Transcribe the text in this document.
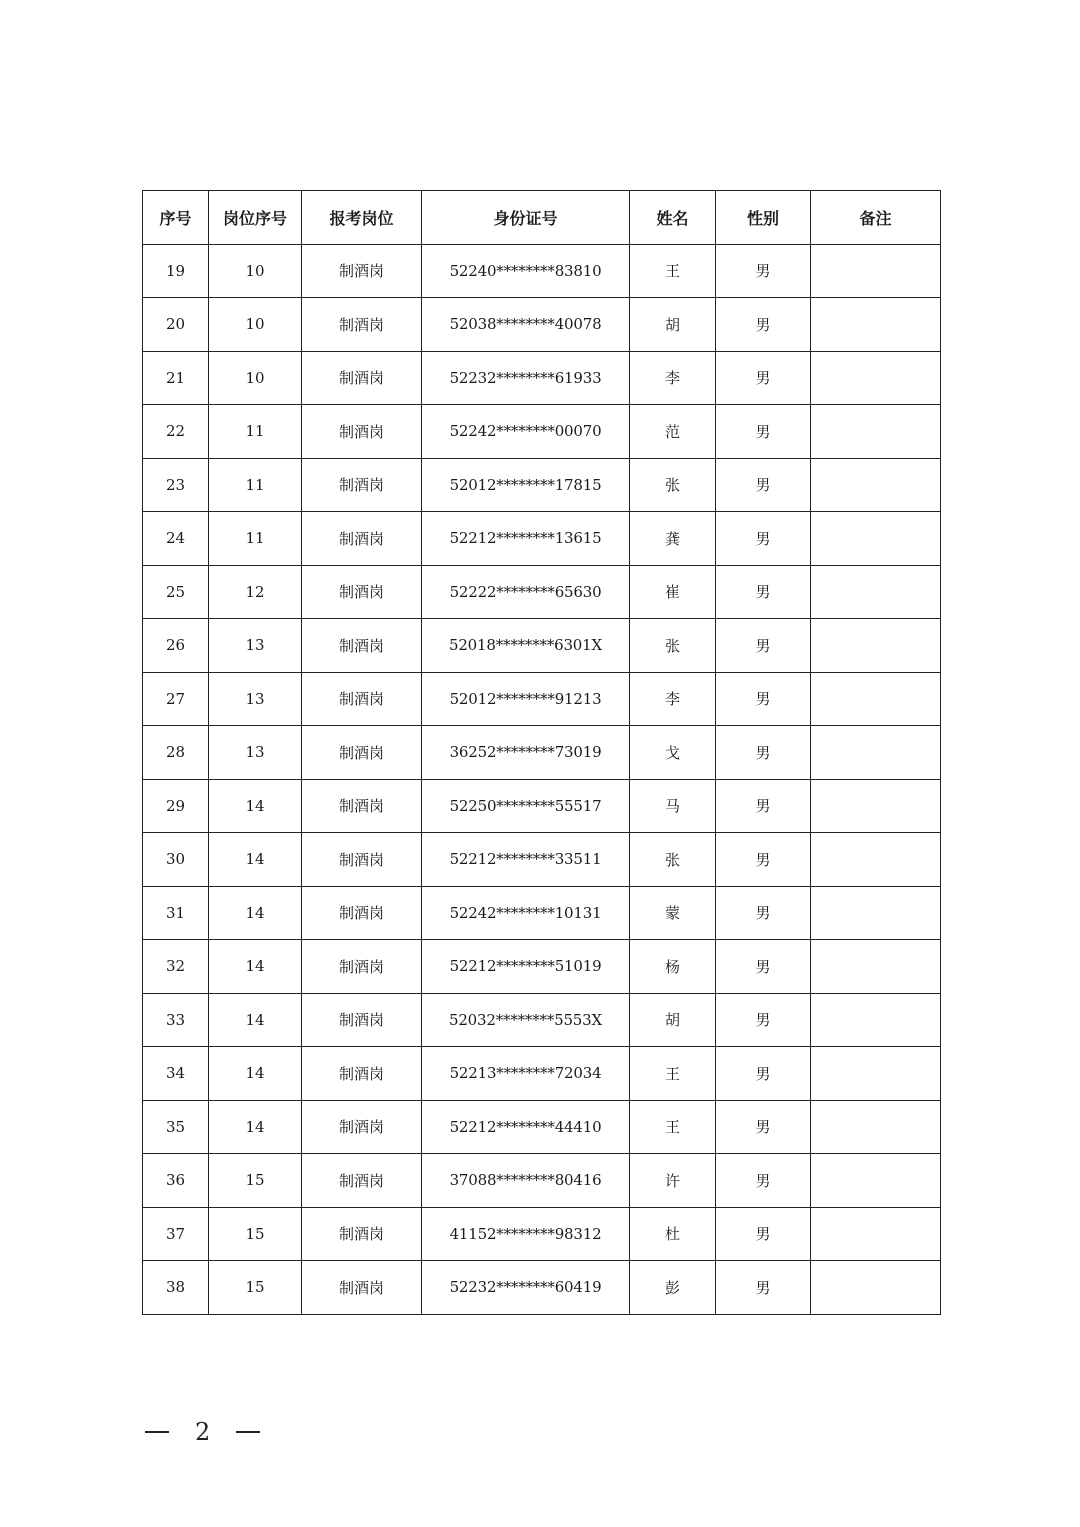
序号	岗位序号	报考岗位	身份证号	姓名	性别	备注
19	10	制酒岗	52240********83810	王	男	
20	10	制酒岗	52038********40078	胡	男	
21	10	制酒岗	52232********61933	李	男	
22	11	制酒岗	52242********00070	范	男	
23	11	制酒岗	52012********17815	张	男	
24	11	制酒岗	52212********13615	龚	男	
25	12	制酒岗	52222********65630	崔	男	
26	13	制酒岗	52018********6301X	张	男	
27	13	制酒岗	52012********91213	李	男	
28	13	制酒岗	36252********73019	戈	男	
29	14	制酒岗	52250********55517	马	男	
30	14	制酒岗	52212********33511	张	男	
31	14	制酒岗	52242********10131	蒙	男	
32	14	制酒岗	52212********51019	杨	男	
33	14	制酒岗	52032********5553X	胡	男	
34	14	制酒岗	52213********72034	王	男	
35	14	制酒岗	52212********44410	王	男	
36	15	制酒岗	37088********80416	许	男	
37	15	制酒岗	41152********98312	杜	男	
38	15	制酒岗	52232********60419	彭	男	
2
